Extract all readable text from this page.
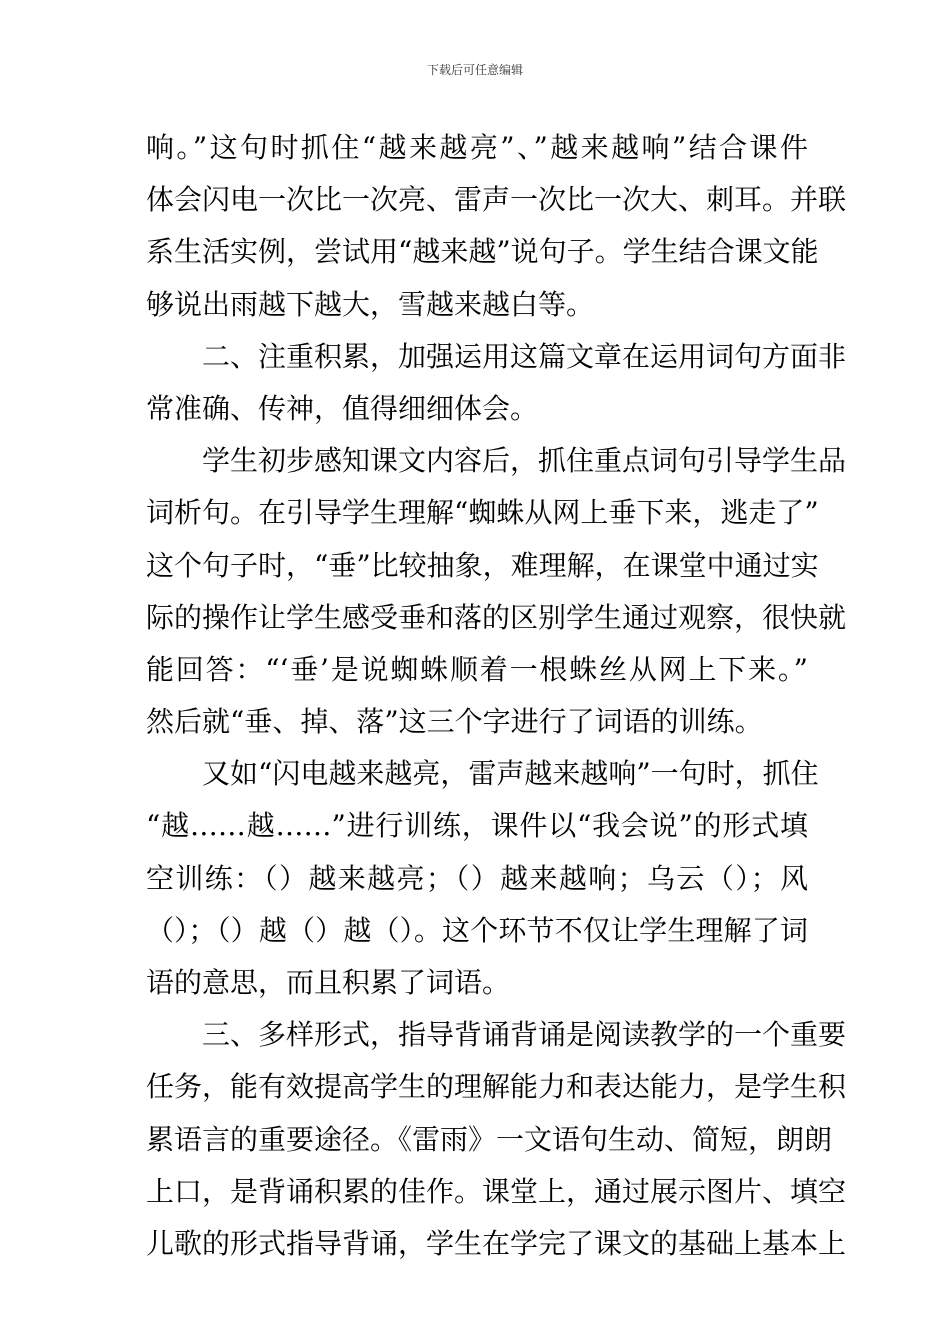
下载后可任意编辑
响。”这句时抓住“越来越亮”、”越来越响”结合课件
体会闪电一次比一次亮、雷声一次比一次大、刺耳。并联
系生活实例，尝试用“越来越”说句子。学生结合课文能
够说出雨越下越大，雪越来越白等。
二、注重积累，加强运用这篇文章在运用词句方面非
常准确、传神，值得细细体会。
学生初步感知课文内容后，抓住重点词句引导学生品
词析句。在引导学生理解“蜘蛛从网上垂下来，逃走了”
这个句子时，“垂”比较抽象，难理解，在课堂中通过实
际的操作让学生感受垂和落的区别学生通过观察，很快就
能回答：“‘垂’是说蜘蛛顺着一根蛛丝从网上下来。”
然后就“垂、掉、落”这三个字进行了词语的训练。
又如“闪电越来越亮，雷声越来越响”一句时，抓住
“越……越……”进行训练，课件以“我会说”的形式填
空训练：（）越来越亮；（）越来越响；乌云（）；风
（）；（）越（）越（）。这个环节不仅让学生理解了词
语的意思，而且积累了词语。
三、多样形式，指导背诵背诵是阅读教学的一个重要
任务，能有效提高学生的理解能力和表达能力，是学生积
累语言的重要途径。《雷雨》一文语句生动、简短，朗朗
上口，是背诵积累的佳作。课堂上，通过展示图片、填空
儿歌的形式指导背诵，学生在学完了课文的基础上基本上
